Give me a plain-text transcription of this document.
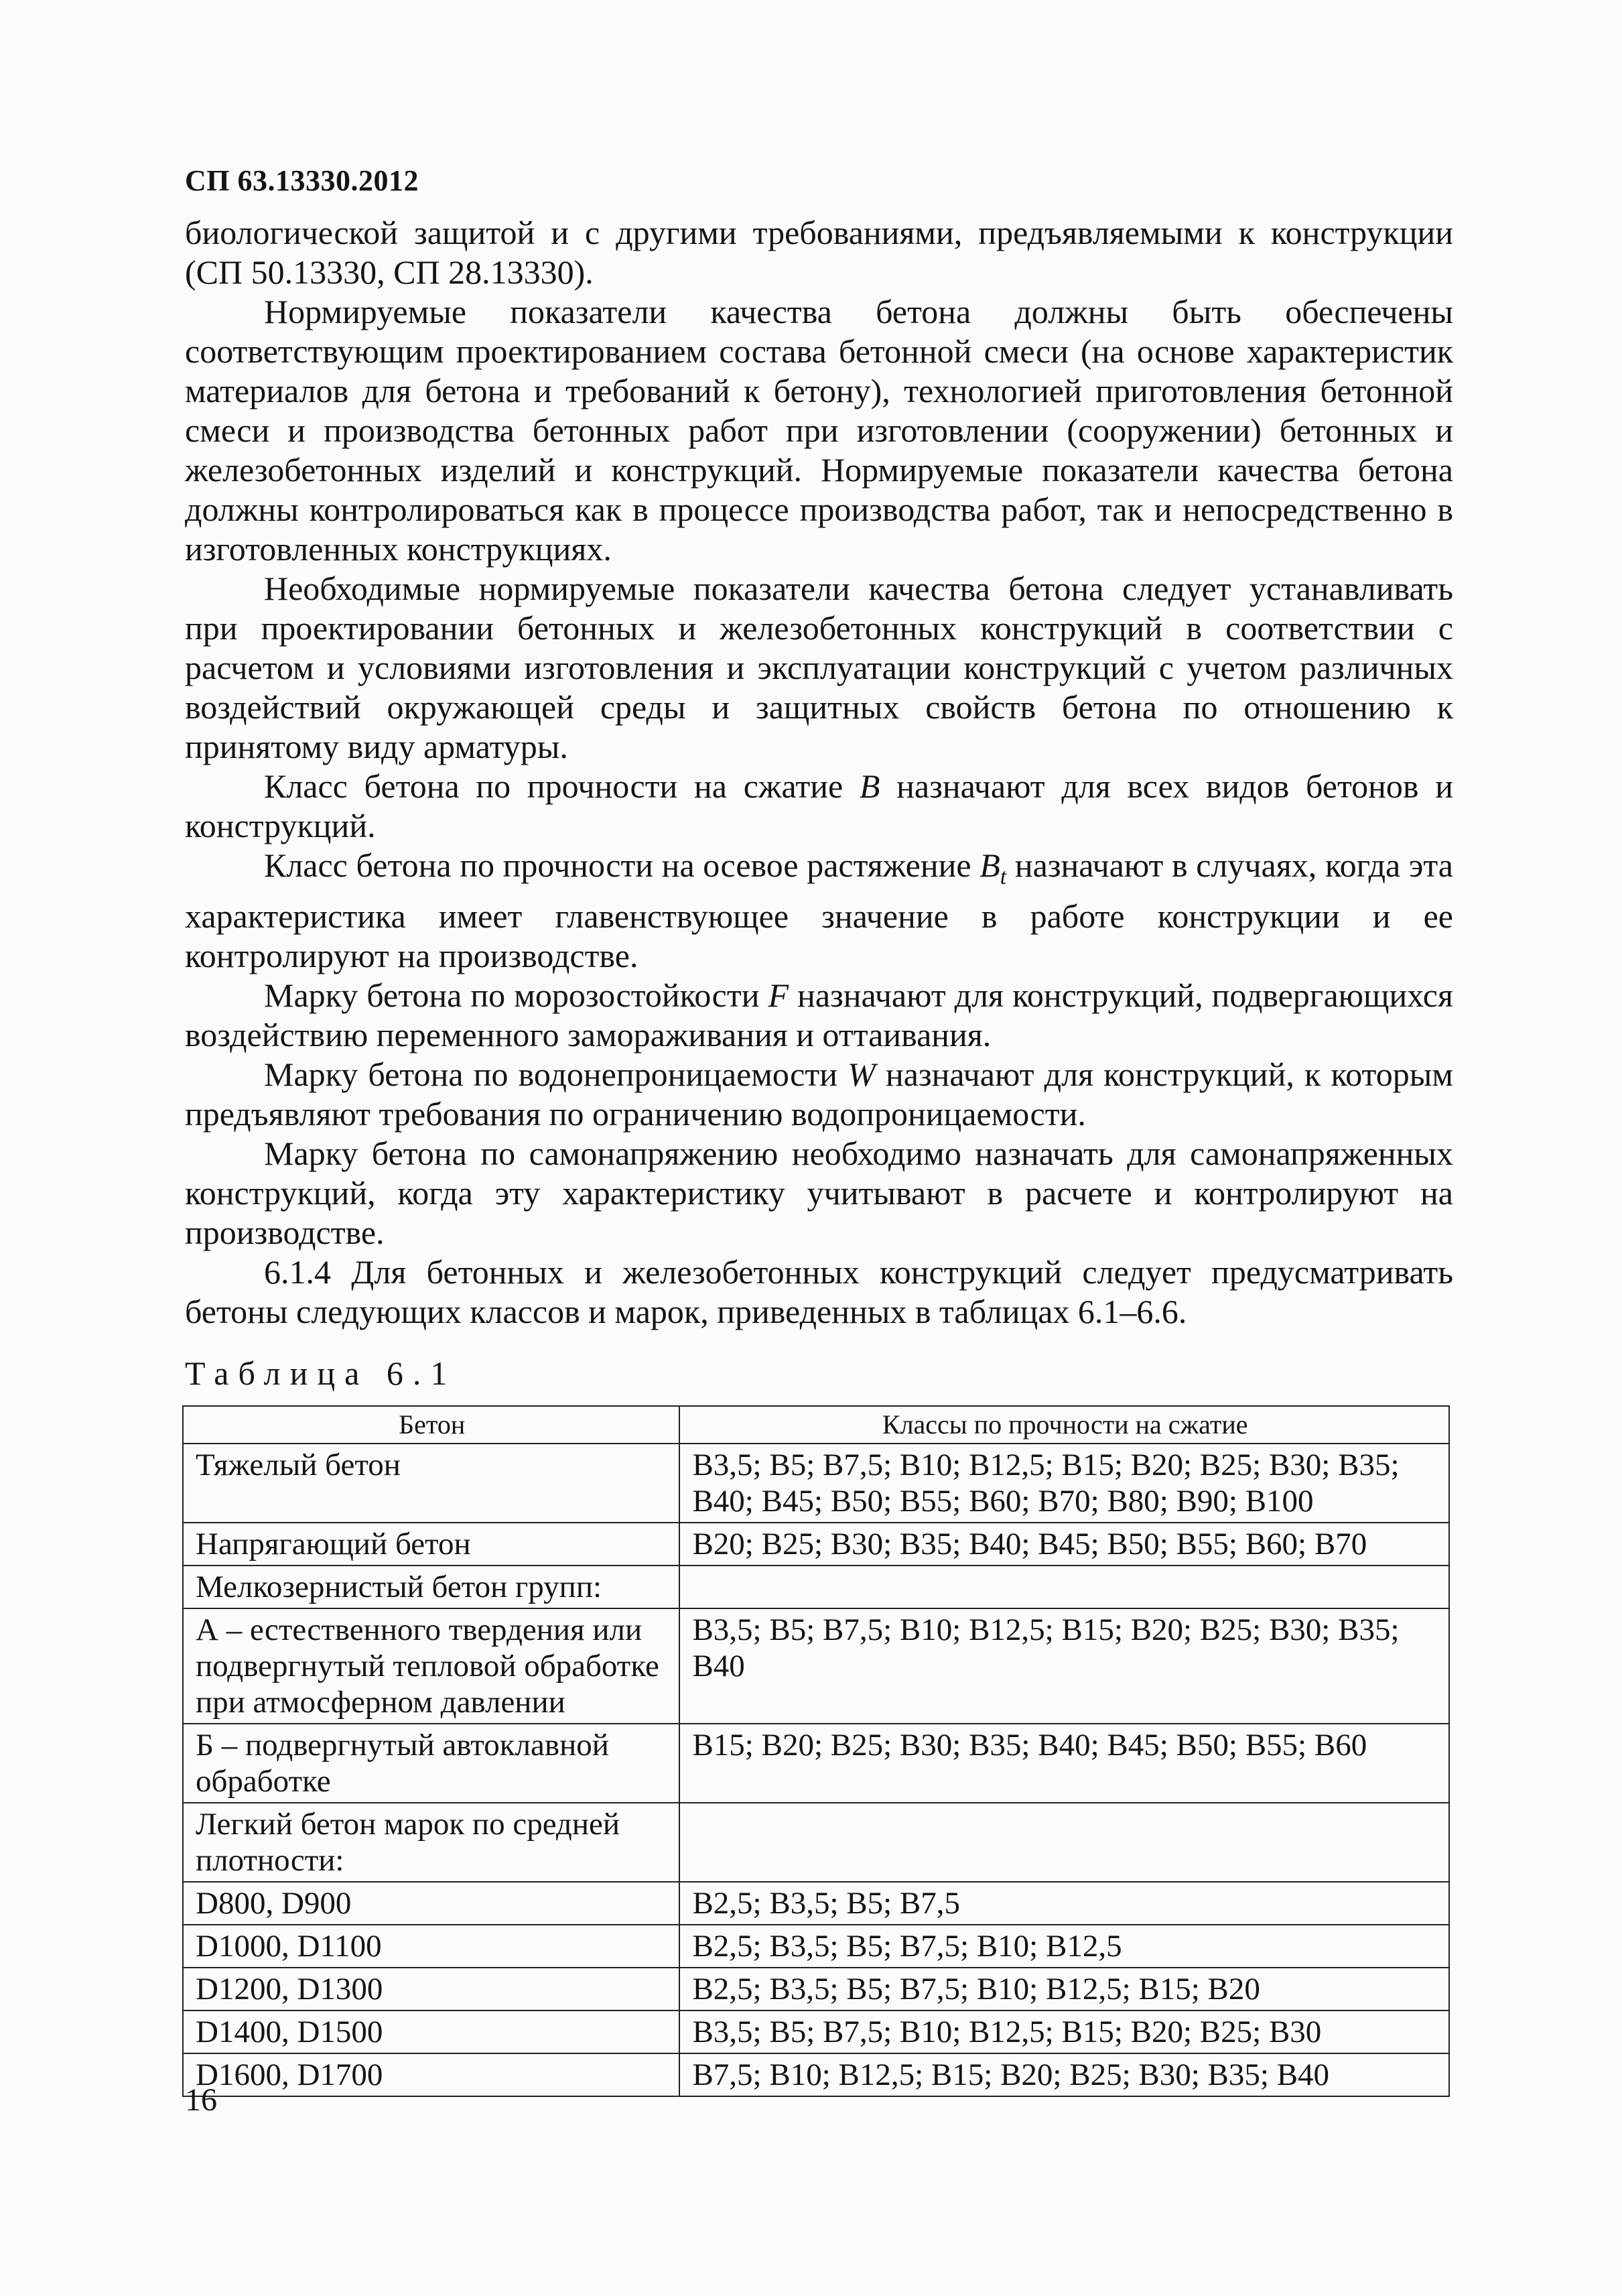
СП 63.13330.2012

биологической защитой и с другими требованиями, предъявляемыми к конструкции (СП 50.13330, СП 28.13330).

Нормируемые показатели качества бетона должны быть обеспечены соответствующим проектированием состава бетонной смеси (на основе характеристик материалов для бетона и требований к бетону), технологией приготовления бетонной смеси и производства бетонных работ при изготовлении (сооружении) бетонных и железобетонных изделий и конструкций. Нормируемые показатели качества бетона должны контролироваться как в процессе производства работ, так и непосредственно в изготовленных конструкциях.

Необходимые нормируемые показатели качества бетона следует устанавливать при проектировании бетонных и железобетонных конструкций в соответствии с расчетом и условиями изготовления и эксплуатации конструкций с учетом различных воздействий окружающей среды и защитных свойств бетона по отношению к принятому виду арматуры.

Класс бетона по прочности на сжатие B назначают для всех видов бетонов и конструкций.

Класс бетона по прочности на осевое растяжение $B_t$ назначают в случаях, когда эта характеристика имеет главенствующее значение в работе конструкции и ее контролируют на производстве.

Марку бетона по морозостойкости F назначают для конструкций, подвергающихся воздействию переменного замораживания и оттаивания.

Марку бетона по водонепроницаемости W назначают для конструкций, к которым предъявляют требования по ограничению водопроницаемости.

Марку бетона по самонапряжению необходимо назначать для самонапряженных конструкций, когда эту характеристику учитывают в расчете и контролируют на производстве.

6.1.4 Для бетонных и железобетонных конструкций следует предусматривать бетоны следующих классов и марок, приведенных в таблицах 6.1–6.6.

Таблица 6.1
Бетон	Классы по прочности на сжатие
Тяжелый бетон	B3,5; B5; B7,5; B10; B12,5; B15; B20; B25; B30; B35; B40; B45; B50; B55; B60; B70; B80; B90; B100
Напрягающий бетон	B20; B25; B30; B35; B40; B45; B50; B55; B60; B70
Мелкозернистый бетон групп:	
А – естественного твердения или подвергнутый тепловой обработке при атмосферном давлении	B3,5; B5; B7,5; B10; B12,5; B15; B20; B25; B30; B35; B40
Б – подвергнутый автоклавной обработке	B15; B20; B25; B30; B35; B40; B45; B50; B55; B60
Легкий бетон марок по средней плотности:	
D800, D900	B2,5; B3,5; B5; B7,5
D1000, D1100	B2,5; B3,5; B5; B7,5; B10; B12,5
D1200, D1300	B2,5; B3,5; B5; B7,5; B10; B12,5; B15; B20
D1400, D1500	B3,5; B5; B7,5; B10; B12,5; B15; B20; B25; B30
D1600, D1700	B7,5; B10; B12,5; B15; B20; B25; B30; B35; B40
16
